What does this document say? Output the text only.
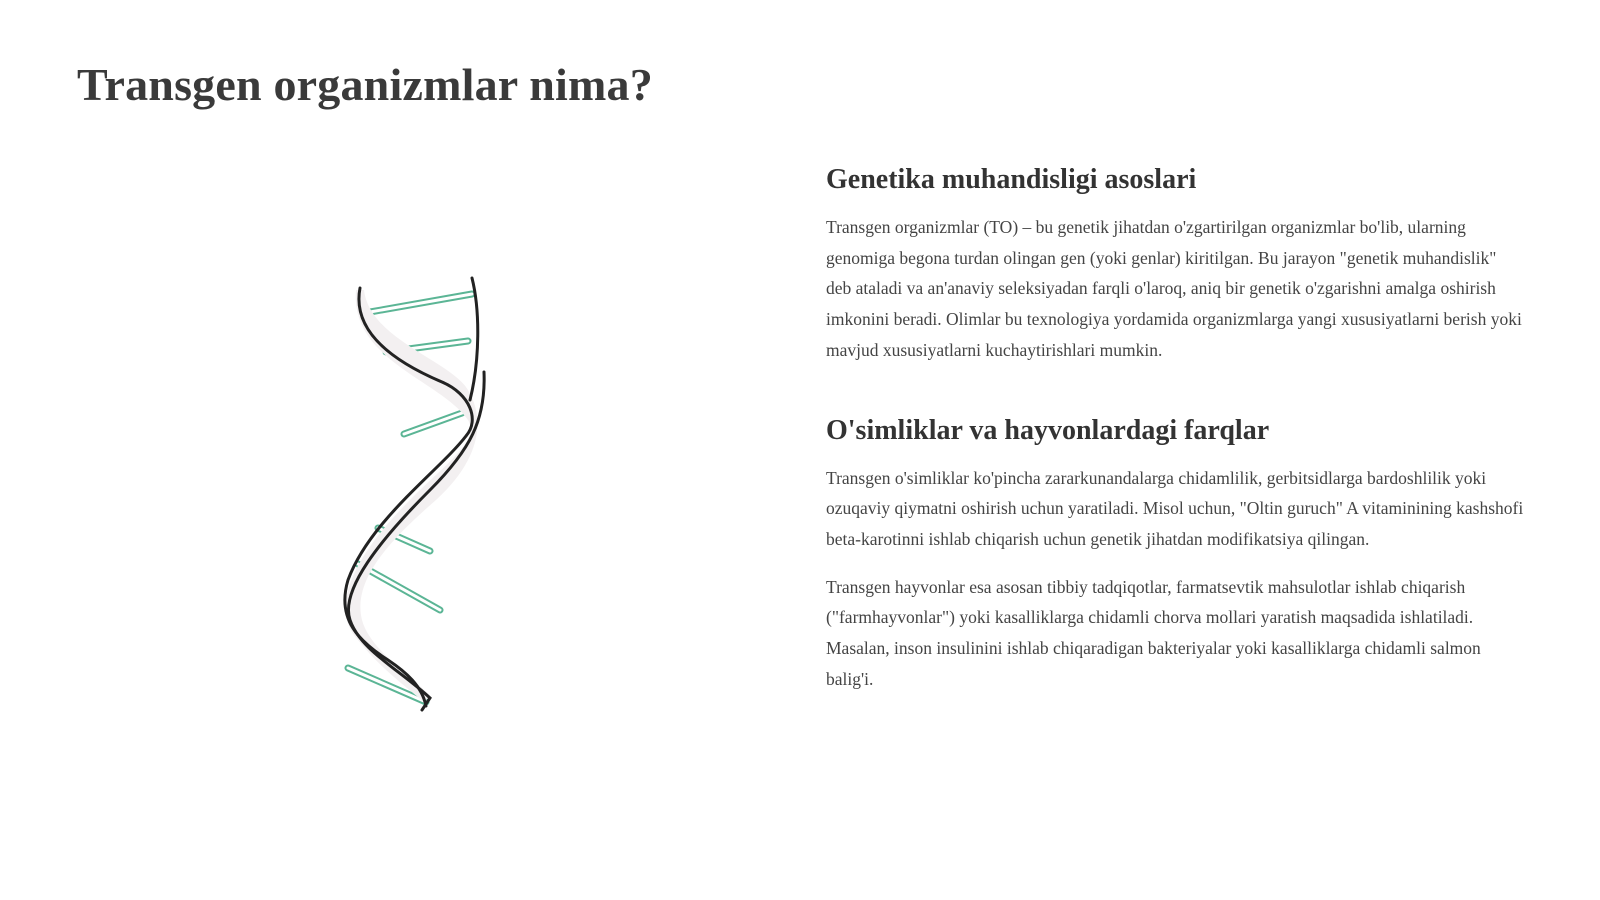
Transgen organizmlar nima?
Genetika muhandisligi asoslari

Transgen organizmlar (TO) – bu genetik jihatdan o'zgartirilgan organizmlar bo'lib, ularning genomiga begona turdan olingan gen (yoki genlar) kiritilgan. Bu jarayon "genetik muhandislik" deb ataladi va an'anaviy seleksiyadan farqli o'laroq, aniq bir genetik o'zgarishni amalga oshirish imkonini beradi. Olimlar bu texnologiya yordamida organizmlarga yangi xususiyatlarni berish yoki mavjud xususiyatlarni kuchaytirishlari mumkin.

O'simliklar va hayvonlardagi farqlar

Transgen o'simliklar ko'pincha zararkunandalarga chidamlilik, gerbitsidlarga bardoshlilik yoki ozuqaviy qiymatni oshirish uchun yaratiladi. Misol uchun, "Oltin guruch" A vitaminining kashshofi beta-karotinni ishlab chiqarish uchun genetik jihatdan modifikatsiya qilingan.

Transgen hayvonlar esa asosan tibbiy tadqiqotlar, farmatsevtik mahsulotlar ishlab chiqarish ("farmhayvonlar") yoki kasalliklarga chidamli chorva mollari yaratish maqsadida ishlatiladi. Masalan, inson insulinini ishlab chiqaradigan bakteriyalar yoki kasalliklarga chidamli salmon balig'i.
